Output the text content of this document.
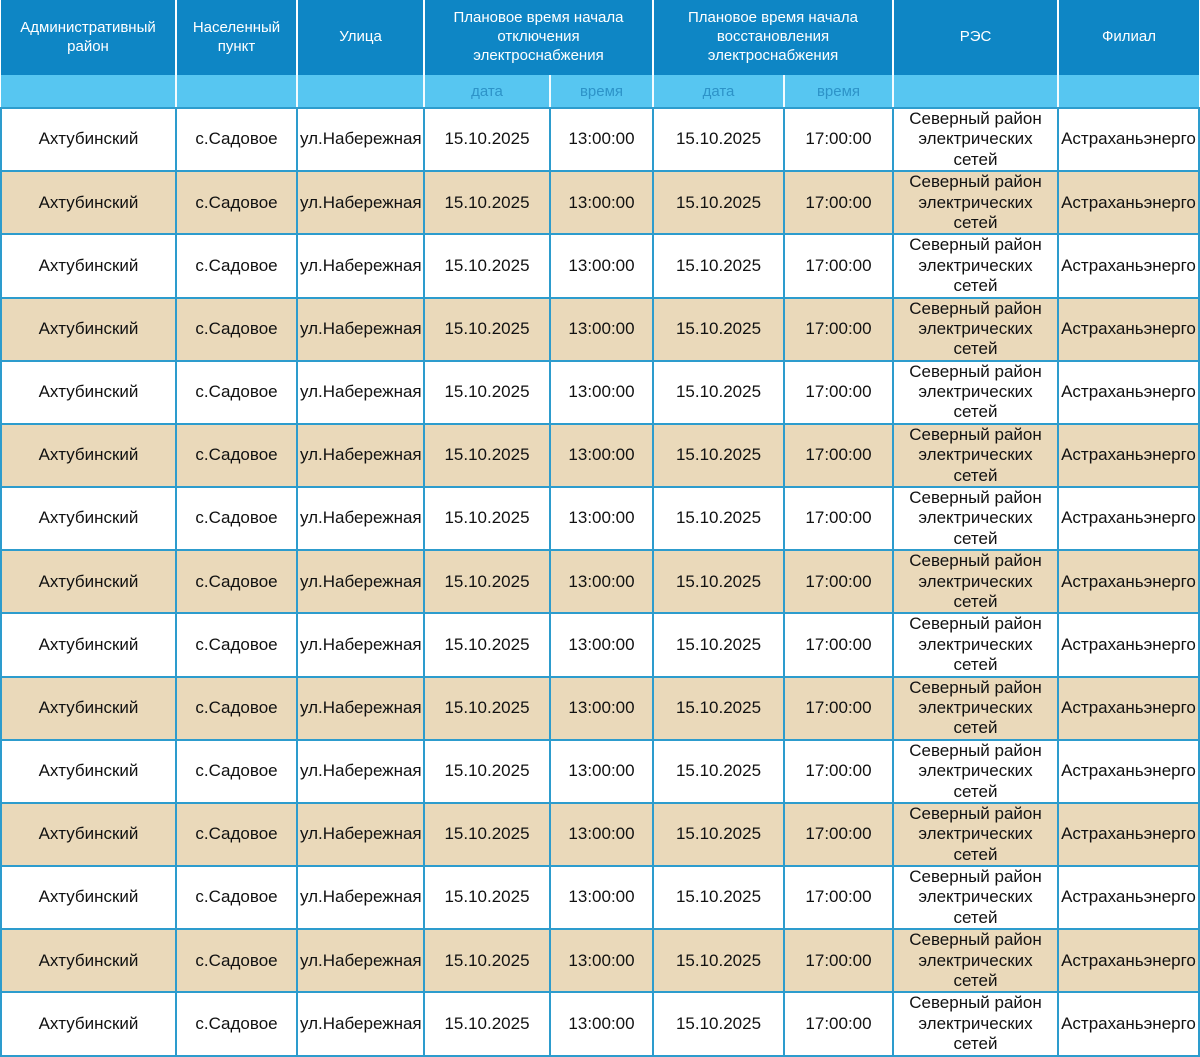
Административный район	Населенный пункт	Улица	Плановое время начала отключения электроснабжения		Плановое время начала восстановления электроснабжения		РЭС	Филиал
			дата	время	дата	время		
Ахтубинский	с.Садовое	ул.Набережная	15.10.2025	13:00:00	15.10.2025	17:00:00	Северный район электрических сетей	Астраханьэнерго
Ахтубинский	с.Садовое	ул.Набережная	15.10.2025	13:00:00	15.10.2025	17:00:00	Северный район электрических сетей	Астраханьэнерго
Ахтубинский	с.Садовое	ул.Набережная	15.10.2025	13:00:00	15.10.2025	17:00:00	Северный район электрических сетей	Астраханьэнерго
Ахтубинский	с.Садовое	ул.Набережная	15.10.2025	13:00:00	15.10.2025	17:00:00	Северный район электрических сетей	Астраханьэнерго
Ахтубинский	с.Садовое	ул.Набережная	15.10.2025	13:00:00	15.10.2025	17:00:00	Северный район электрических сетей	Астраханьэнерго
Ахтубинский	с.Садовое	ул.Набережная	15.10.2025	13:00:00	15.10.2025	17:00:00	Северный район электрических сетей	Астраханьэнерго
Ахтубинский	с.Садовое	ул.Набережная	15.10.2025	13:00:00	15.10.2025	17:00:00	Северный район электрических сетей	Астраханьэнерго
Ахтубинский	с.Садовое	ул.Набережная	15.10.2025	13:00:00	15.10.2025	17:00:00	Северный район электрических сетей	Астраханьэнерго
Ахтубинский	с.Садовое	ул.Набережная	15.10.2025	13:00:00	15.10.2025	17:00:00	Северный район электрических сетей	Астраханьэнерго
Ахтубинский	с.Садовое	ул.Набережная	15.10.2025	13:00:00	15.10.2025	17:00:00	Северный район электрических сетей	Астраханьэнерго
Ахтубинский	с.Садовое	ул.Набережная	15.10.2025	13:00:00	15.10.2025	17:00:00	Северный район электрических сетей	Астраханьэнерго
Ахтубинский	с.Садовое	ул.Набережная	15.10.2025	13:00:00	15.10.2025	17:00:00	Северный район электрических сетей	Астраханьэнерго
Ахтубинский	с.Садовое	ул.Набережная	15.10.2025	13:00:00	15.10.2025	17:00:00	Северный район электрических сетей	Астраханьэнерго
Ахтубинский	с.Садовое	ул.Набережная	15.10.2025	13:00:00	15.10.2025	17:00:00	Северный район электрических сетей	Астраханьэнерго
Ахтубинский	с.Садовое	ул.Набережная	15.10.2025	13:00:00	15.10.2025	17:00:00	Северный район электрических сетей	Астраханьэнерго
